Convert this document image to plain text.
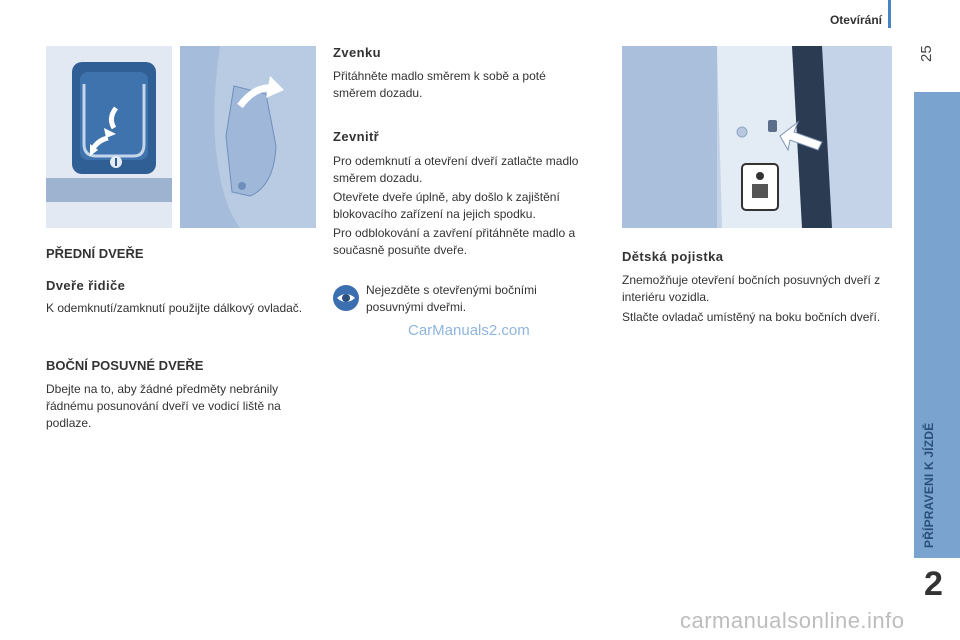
Otevírání
25
PŘÍPRAVENI K JÍZDĚ
2
PŘEDNÍ DVEŘE
Dveře řidiče

K odemknutí/zamknutí použijte dálkový ovladač.

BOČNÍ POSUVNÉ DVEŘE

Dbejte na to, aby žádné předměty nebránily řádnému posunování dveří ve vodicí liště na podlaze.

Zvenku

Přitáhněte madlo směrem k sobě a poté směrem dozadu.

Zevnitř

Pro odemknutí a otevření dveří zatlačte madlo směrem dozadu.

Otevřete dveře úplně, aby došlo k zajištění blokovacího zařízení na jejich spodku.

Pro odblokování a zavření přitáhněte madlo a současně posuňte dveře.

Nejezděte s otevřenými bočními posuvnými dveřmi.

CarManuals2.com
Dětská pojistka

Znemožňuje otevření bočních posuvných dveří z interiéru vozidla.

Stlačte ovladač umístěný na boku bočních dveří.

carmanualsonline.info
